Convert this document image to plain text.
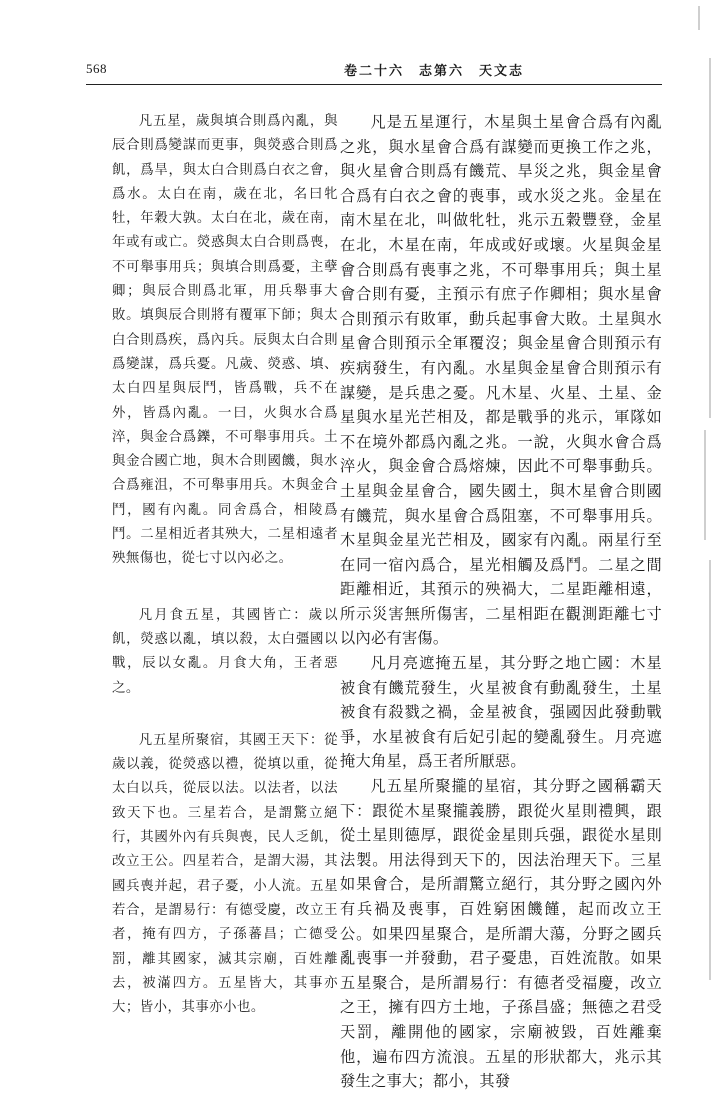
568	卷二十六　志第六　天文志

凡五星，歲與填合則爲內亂，與辰合則爲變謀而更事，與熒惑合則爲飢，爲旱，與太白合則爲白衣之會，爲水。太白在南，歲在北，名曰牝牡，年穀大孰。太白在北，歲在南，年或有或亡。熒惑與太白合則爲喪，不可舉事用兵；與填合則爲憂，主孽卿；與辰合則爲北軍，用兵舉事大敗。填與辰合則將有覆軍下師；與太白合則爲疾，爲內兵。辰與太白合則爲變謀，爲兵憂。凡歲、熒惑、填、太白四星與辰鬥，皆爲戰，兵不在外，皆爲內亂。一曰，火與水合爲淬，與金合爲鑠，不可舉事用兵。土與金合國亡地，與木合則國饑，與水合爲雍沮，不可舉事用兵。木與金合鬥，國有內亂。同舍爲合，相陵爲鬥。二星相近者其殃大，二星相遠者殃無傷也，從七寸以內必之。

凡月食五星，其國皆亡：歲以飢，熒惑以亂，填以殺，太白彊國以戰，辰以女亂。月食大角，王者惡之。

凡五星所聚宿，其國王天下：從歲以義，從熒惑以禮，從填以重，從太白以兵，從辰以法。以法者，以法致天下也。三星若合，是謂驚立絕行，其國外內有兵與喪，民人乏飢，改立王公。四星若合，是謂大湯，其國兵喪并起，君子憂，小人流。五星若合，是謂易行：有德受慶，改立王者，掩有四方，子孫蕃昌；亡德受罰，離其國家，滅其宗廟，百姓離去，被滿四方。五星皆大，其事亦大；皆小，其事亦小也。

凡是五星運行，木星與土星會合爲有內亂之兆，與水星會合爲有謀變而更換工作之兆，與火星會合則爲有饑荒、旱災之兆，與金星會合爲有白衣之會的喪事，或水災之兆。金星在南木星在北，叫做牝牡，兆示五穀豐登，金星在北，木星在南，年成或好或壞。火星與金星會合則爲有喪事之兆，不可舉事用兵；與土星會合則有憂，主預示有庶子作卿相；與水星會合則預示有敗軍，動兵起事會大敗。土星與水星會合則預示全軍覆沒；與金星會合則預示有疾病發生，有內亂。水星與金星會合則預示有謀變，是兵患之憂。凡木星、火星、土星、金星與水星光芒相及，都是戰爭的兆示，軍隊如不在境外都爲內亂之兆。一說，火與水會合爲淬火，與金會合爲熔煉，因此不可舉事動兵。土星與金星會合，國失國土，與木星會合則國有饑荒，與水星會合爲阻塞，不可舉事用兵。木星與金星光芒相及，國家有內亂。兩星行至在同一宿內爲合，星光相觸及爲鬥。二星之間距離相近，其預示的殃禍大，二星距離相遠，所示災害無所傷害，二星相距在觀測距離七寸以內必有害傷。

凡月亮遮掩五星，其分野之地亡國：木星被食有饑荒發生，火星被食有動亂發生，土星被食有殺戮之禍，金星被食，强國因此發動戰爭，水星被食有后妃引起的變亂發生。月亮遮掩大角星，爲王者所厭惡。

凡五星所聚攏的星宿，其分野之國稱霸天下：跟從木星聚攏義勝，跟從火星則禮興，跟從土星則德厚，跟從金星則兵强，跟從水星則法製。用法得到天下的，因法治理天下。三星如果會合，是所謂驚立絕行，其分野之國內外有兵禍及喪事，百姓窮困饑饉，起而改立王公。如果四星聚合，是所謂大蕩，分野之國兵亂喪事一并發動，君子憂患，百姓流散。如果五星聚合，是所謂易行：有德者受福慶，改立之王，擁有四方土地，子孫昌盛；無德之君受天罰，離開他的國家，宗廟被毀，百姓離棄他，遍布四方流浪。五星的形狀都大，兆示其發生之事大；都小，其發
